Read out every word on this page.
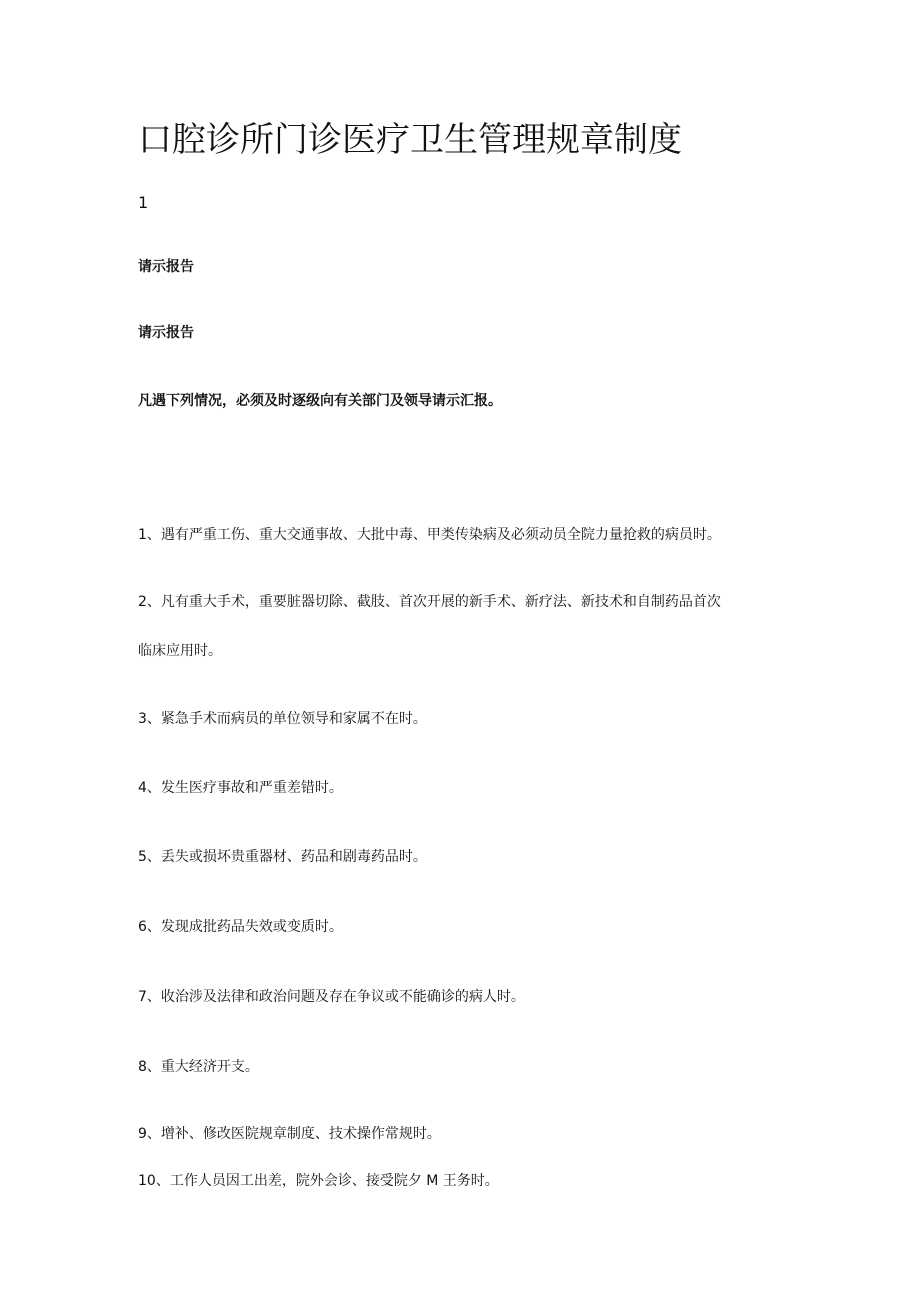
口腔诊所门诊医疗卫生管理规章制度
1
请示报告
请示报告
凡遇下列情况，必须及时逐级向有关部门及领导请示汇报。
1、遇有严重工伤、重大交通事故、大批中毒、甲类传染病及必须动员全院力量抢救的病员时。
2、凡有重大手术，重要脏器切除、截肢、首次开展的新手术、新疗法、新技术和自制药品首次
临床应用时。
3、紧急手术而病员的单位领导和家属不在时。
4、发生医疗事故和严重差错时。
5、丢失或损坏贵重器材、药品和剧毒药品时。
6、发现成批药品失效或变质时。
7、收治涉及法律和政治问题及存在争议或不能确诊的病人时。
8、重大经济开支。
9、增补、修改医院规章制度、技术操作常规时。
10、工作人员因工出差，院外会诊、接受院夕 M 王务时。
